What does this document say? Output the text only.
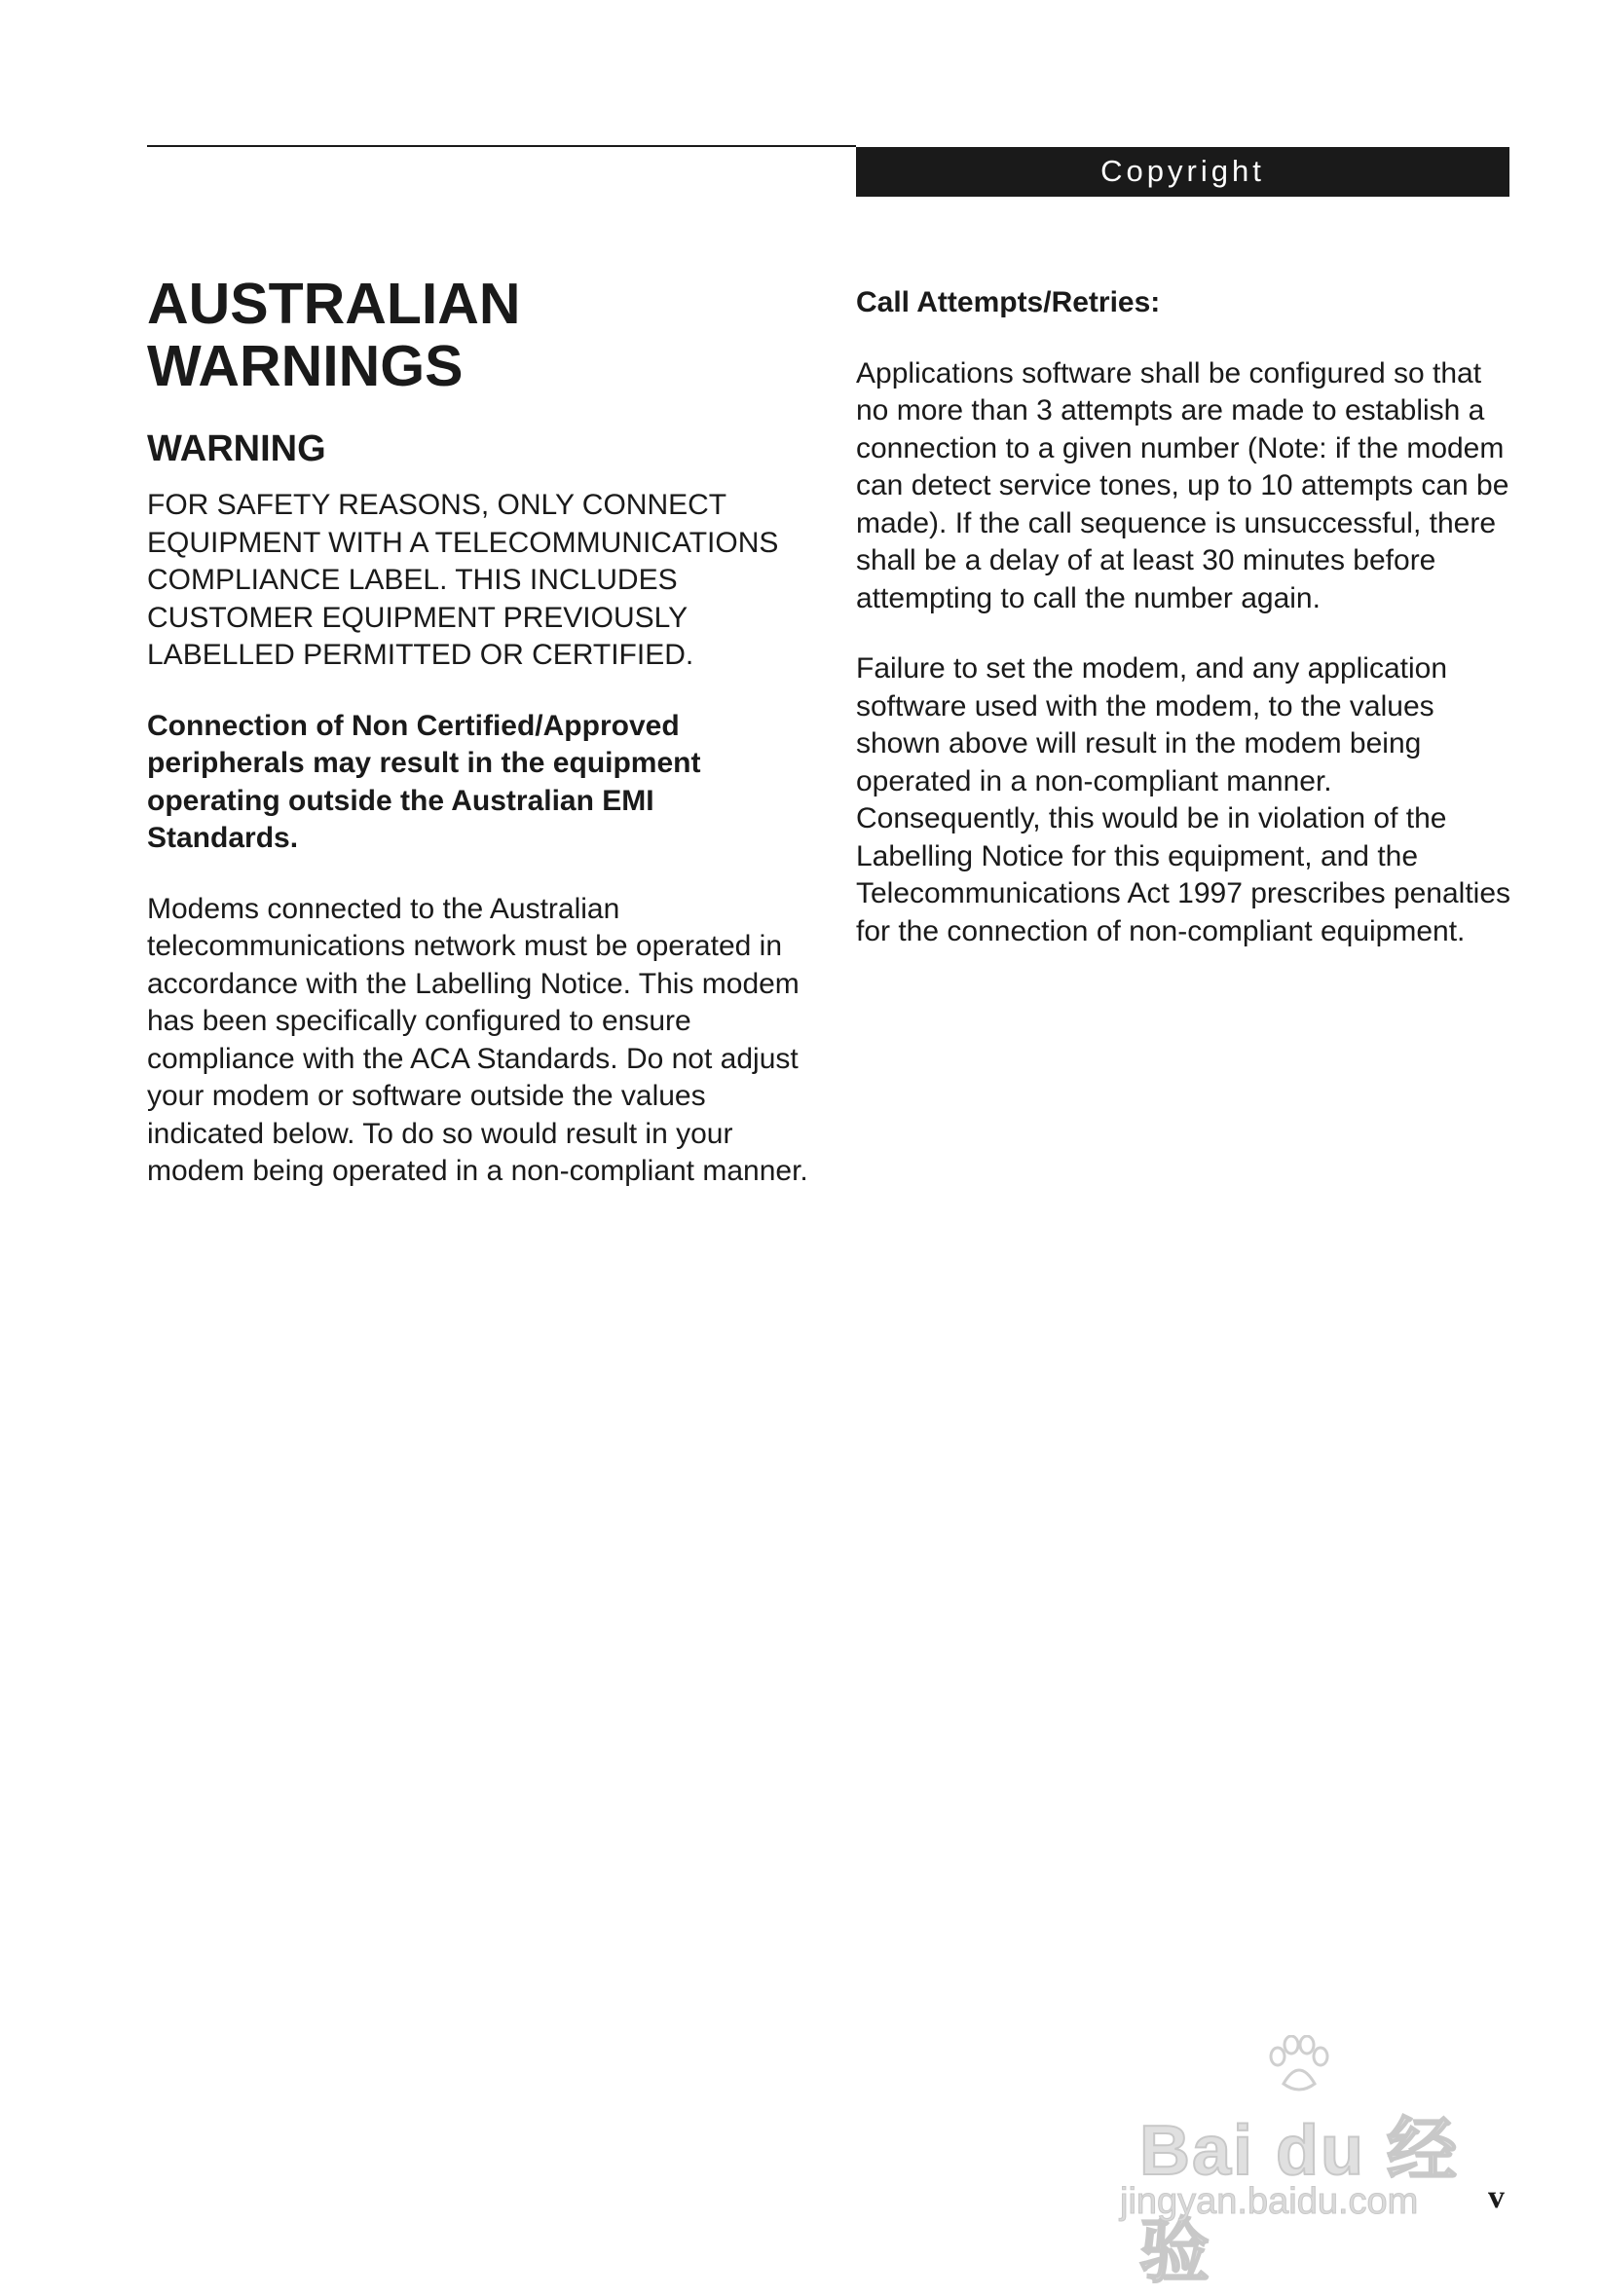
Copyright
AUSTRALIAN
WARNINGS
WARNING

FOR SAFETY REASONS, ONLY CONNECT EQUIPMENT WITH A TELECOMMUNICATIONS COMPLIANCE LABEL. THIS INCLUDES CUSTOMER EQUIPMENT PREVIOUSLY LABELLED PERMITTED OR CERTIFIED.

Connection of Non Certified/Approved peripherals may result in the equipment operating outside the Australian EMI Standards.

Modems connected to the Australian telecommunications network must be operated in accordance with the Labelling Notice. This modem has been specifically configured to ensure compliance with the ACA Standards. Do not adjust your modem or software outside the values indicated below. To do so would result in your modem being operated in a non-compliant manner.

Call Attempts/Retries:

Applications software shall be configured so that no more than 3 attempts are made to establish a connection to a given number (Note: if the modem can detect service tones, up to 10 attempts can be made). If the call sequence is unsuccessful, there shall be a delay of at least 30 minutes before attempting to call the number again.

Failure to set the modem, and any application software used with the modem, to the values shown above will result in the modem being operated in a non-compliant manner. Consequently, this would be in violation of the Labelling Notice for this equipment, and the Telecommunications Act 1997 prescribes penalties for the connection of non-compliant equipment.

Bai du 经验
jingyan.baidu.com v
